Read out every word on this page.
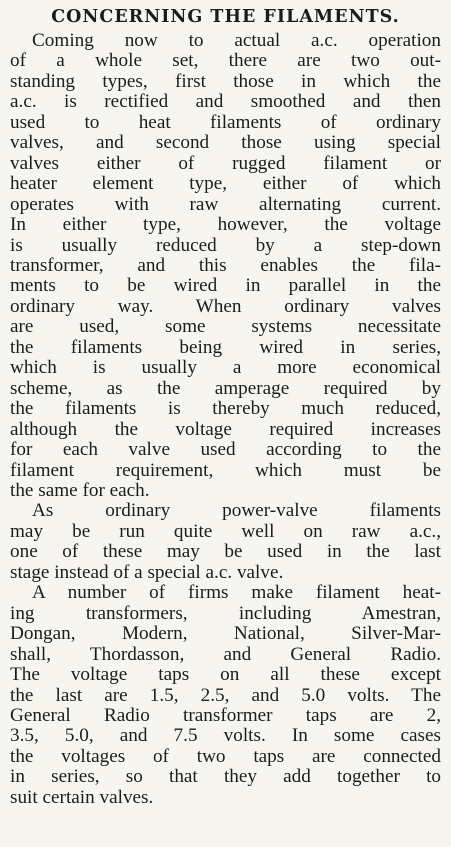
CONCERNING THE FILAMENTS.

Coming now to actual a.c. operation
of a whole set, there are two out-
standing types, first those in which the
a.c. is rectified and smoothed and then
used to heat filaments of ordinary
valves, and second those using special
valves either of rugged filament or
heater element type, either of which
operates with raw alternating current.
In either type, however, the voltage
is usually reduced by a step-down
transformer, and this enables the fila-
ments to be wired in parallel in the
ordinary way. When ordinary valves
are used, some systems necessitate
the filaments being wired in series,
which is usually a more economical
scheme, as the amperage required by
the filaments is thereby much reduced,
although the voltage required increases
for each valve used according to the
filament requirement, which must be
the same for each.

As ordinary power-valve filaments
may be run quite well on raw a.c.,
one of these may be used in the last
stage instead of a special a.c. valve.

A number of firms make filament heat-
ing transformers, including Amestran,
Dongan, Modern, National, Silver-Mar-
shall, Thordasson, and General Radio.
The voltage taps on all these except
the last are 1.5, 2.5, and 5.0 volts. The
General Radio transformer taps are 2,
3.5, 5.0, and 7.5 volts. In some cases
the voltages of two taps are connected
in series, so that they add together to
suit certain valves.
